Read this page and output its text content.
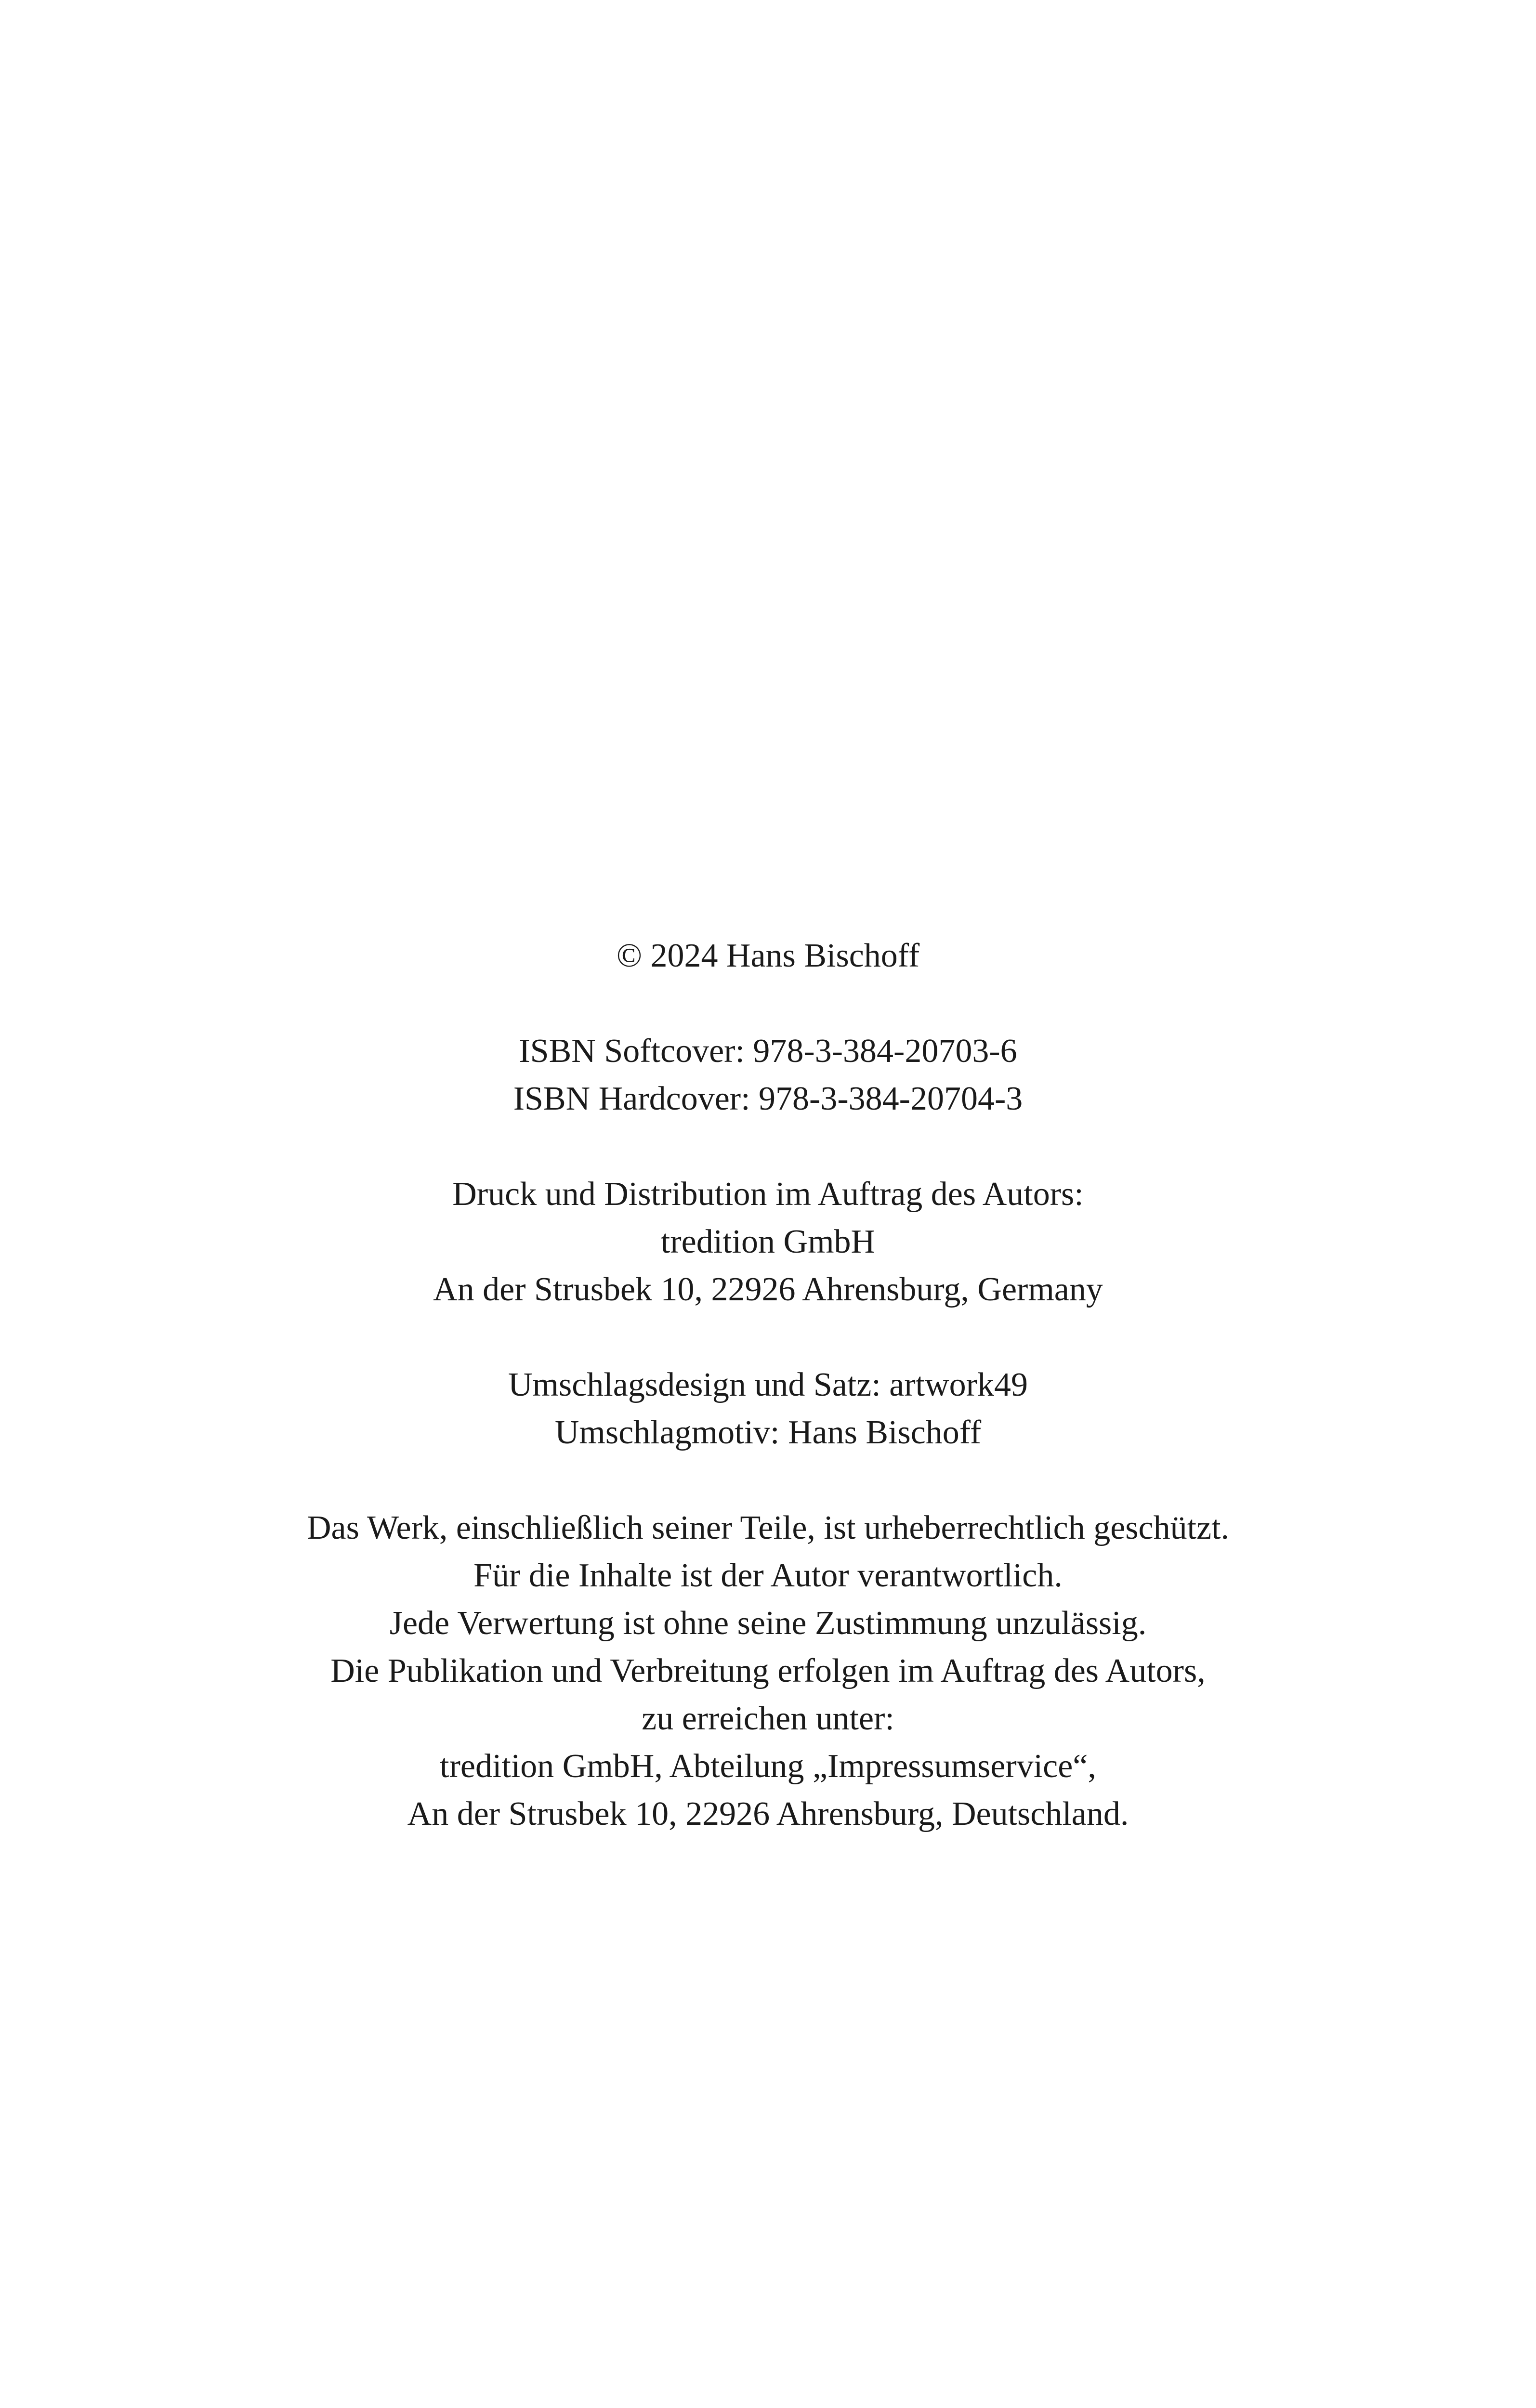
© 2024 Hans Bischoff
ISBN Softcover: 978-3-384-20703-6
ISBN Hardcover: 978-3-384-20704-3
Druck und Distribution im Auftrag des Autors:
tredition GmbH
An der Strusbek 10, 22926 Ahrensburg, Germany
Umschlagsdesign und Satz: artwork49
Umschlagmotiv: Hans Bischoff
Das Werk, einschließlich seiner Teile, ist urheberrechtlich geschützt.
Für die Inhalte ist der Autor verantwortlich.
Jede Verwertung ist ohne seine Zustimmung unzulässig.
Die Publikation und Verbreitung erfolgen im Auftrag des Autors,
zu erreichen unter:
tredition GmbH, Abteilung „Impressumservice“,
An der Strusbek 10, 22926 Ahrensburg, Deutschland.
